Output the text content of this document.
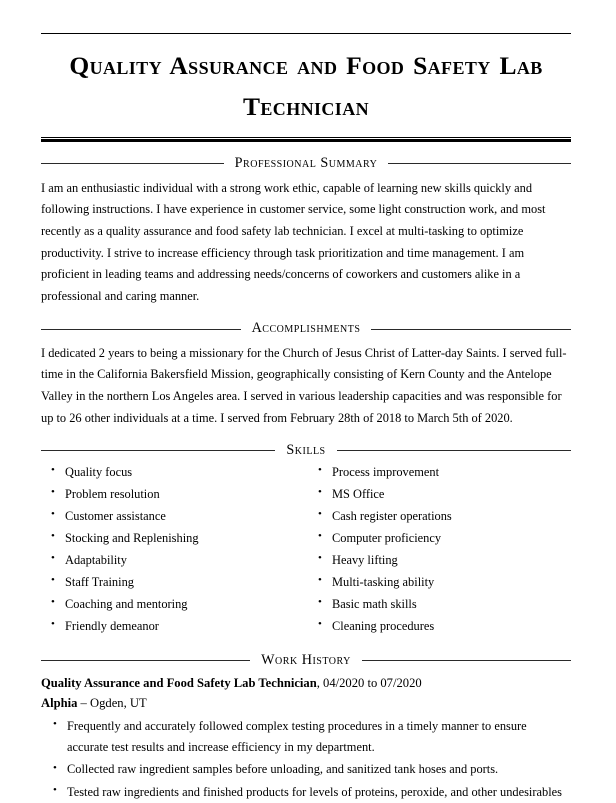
Quality Assurance and Food Safety Lab Technician
Professional Summary

I am an enthusiastic individual with a strong work ethic, capable of learning new skills quickly and following instructions. I have experience in customer service, some light construction work, and most recently as a quality assurance and food safety lab technician. I excel at multi-tasking to optimize productivity. I strive to increase efficiency through task prioritization and time management. I am proficient in leading teams and addressing needs/concerns of coworkers and customers alike in a professional and caring manner.

Accomplishments

I dedicated 2 years to being a missionary for the Church of Jesus Christ of Latter-day Saints. I served full-time in the California Bakersfield Mission, geographically consisting of Kern County and the Antelope Valley in the northern Los Angeles area. I served in various leadership capacities and was responsible for up to 26 other individuals at a time. I served from February 28th of 2018 to March 5th of 2020.

Skills
• Quality focus
• Problem resolution
• Customer assistance
• Stocking and Replenishing
• Adaptability
• Staff Training
• Coaching and mentoring
• Friendly demeanor
• Process improvement
• MS Office
• Cash register operations
• Computer proficiency
• Heavy lifting
• Multi-tasking ability
• Basic math skills
• Cleaning procedures
Work History

Quality Assurance and Food Safety Lab Technician, 04/2020 to 07/2020

Alphia – Ogden, UT

• Frequently and accurately followed complex testing procedures in a timely manner to ensure accurate test results and increase efficiency in my department.
• Collected raw ingredient samples before unloading, and sanitized tank hoses and ports.
• Tested raw ingredients and finished products for levels of proteins, peroxide, and other undesirables
